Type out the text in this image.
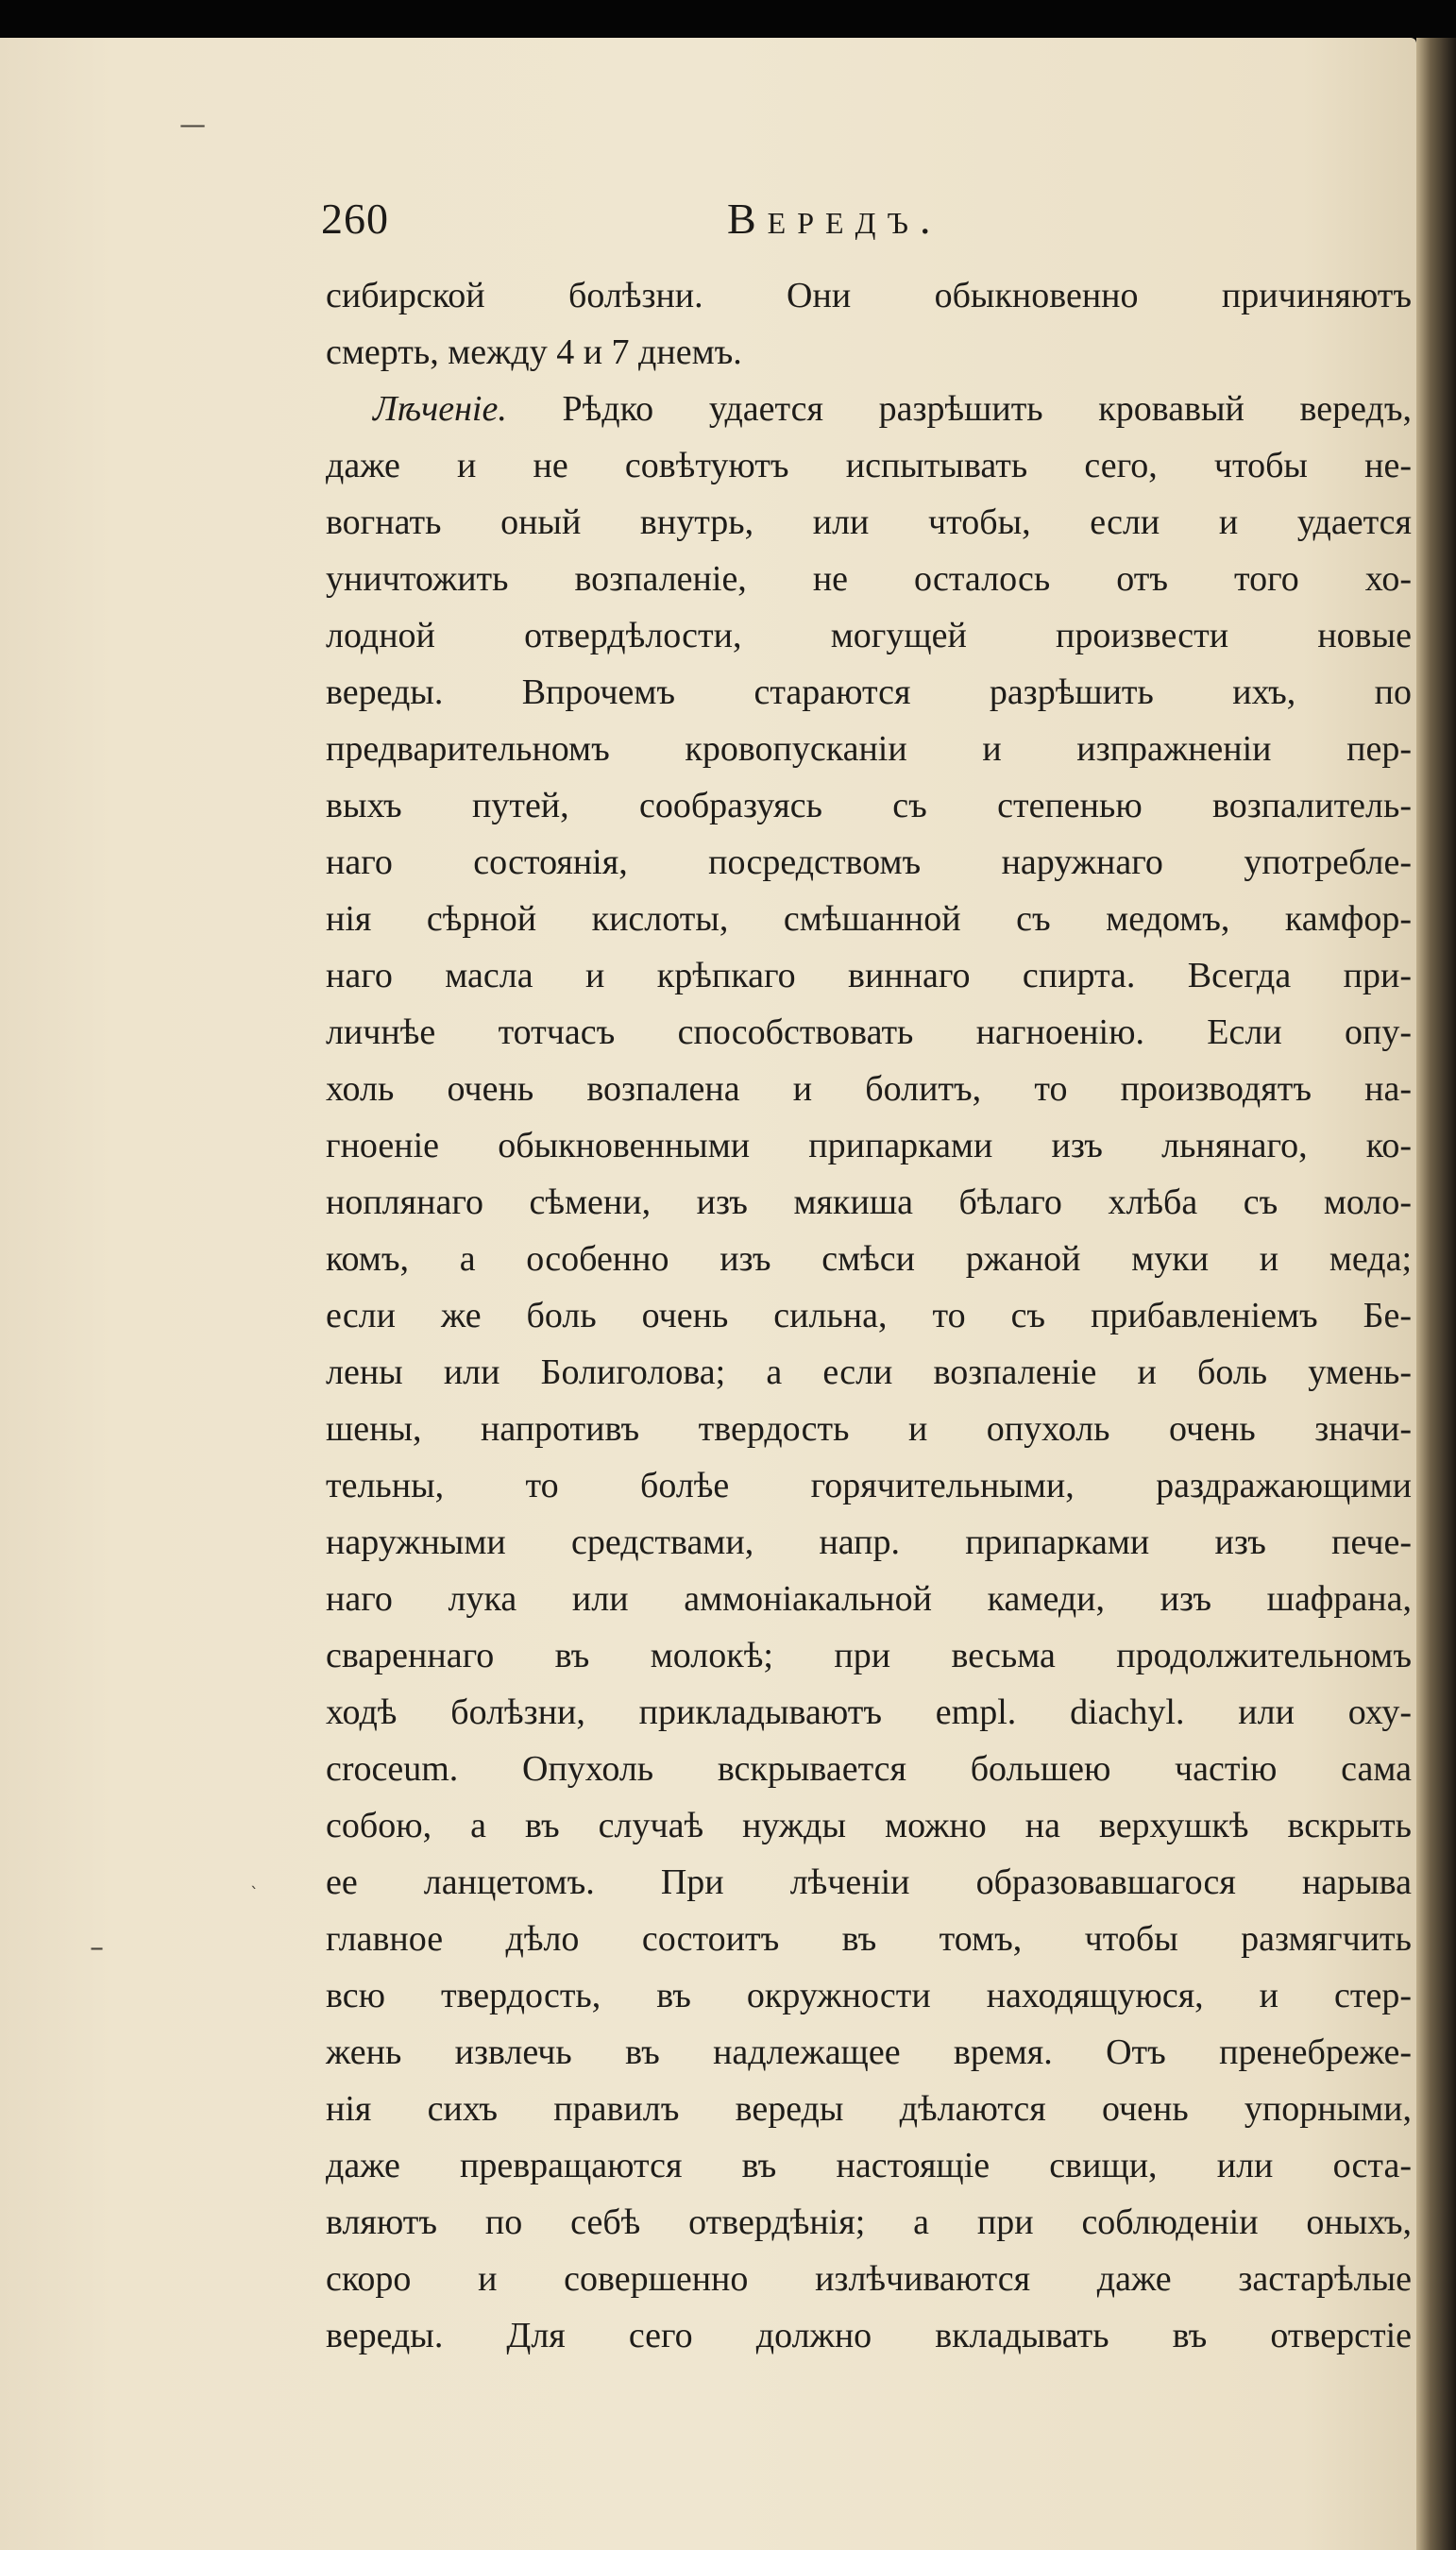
—
–
ˋ
260	Вередъ.
сибирской болѣзни. Они обыкновенно причиняютъ
смерть, между 4 и 7 днемъ.
Лѣченіе. Рѣдко удается разрѣшить кровавый вередъ,
даже и не совѣтуютъ испытывать сего, чтобы не-
вогнать оный внутрь, или чтобы, если и удается
уничтожить возпаленіе, не осталось отъ того хо-
лодной отвердѣлости, могущей произвести новые
вереды. Впрочемъ стараются разрѣшить ихъ, по
предварительномъ кровопусканіи и изпражненіи пер-
выхъ путей, сообразуясь съ степенью возпалитель-
наго состоянія, посредствомъ наружнаго употребле-
нія сѣрной кислоты, смѣшанной съ медомъ, камфор-
наго масла и крѣпкаго виннаго спирта. Всегда при-
личнѣе тотчасъ способствовать нагноенію. Если опу-
холь очень возпалена и болитъ, то производятъ на-
гноеніе обыкновенными припарками изъ льнянаго, ко-
ноплянаго сѣмени, изъ мякиша бѣлаго хлѣба съ моло-
комъ, а особенно изъ смѣси ржаной муки и меда;
если же боль очень сильна, то съ прибавленіемъ Бе-
лены или Болиголова; а если возпаленіе и боль умень-
шены, напротивъ твердость и опухоль очень значи-
тельны, то болѣе горячительными, раздражающими
наружными средствами, напр. припарками изъ пече-
наго лука или аммоніакальной камеди, изъ шафрана,
свареннаго въ молокѣ; при весьма продолжительномъ
ходѣ болѣзни, прикладываютъ empl. diachyl. или оху-
croceum. Опухоль вскрывается большею частію сама
собою, а въ случаѣ нужды можно на верхушкѣ вскрыть
ее ланцетомъ. При лѣченіи образовавшагося нарыва
главное дѣло состоитъ въ томъ, чтобы размягчить
всю твердость, въ окружности находящуюся, и стер-
жень извлечь въ надлежащее время. Отъ пренебреже-
нія сихъ правилъ вереды дѣлаются очень упорными,
даже превращаются въ настоящіе свищи, или оста-
вляютъ по себѣ отвердѣнія; а при соблюденіи оныхъ,
скоро и совершенно излѣчиваются даже застарѣлые
вереды. Для сего должно вкладывать въ отверстіе
